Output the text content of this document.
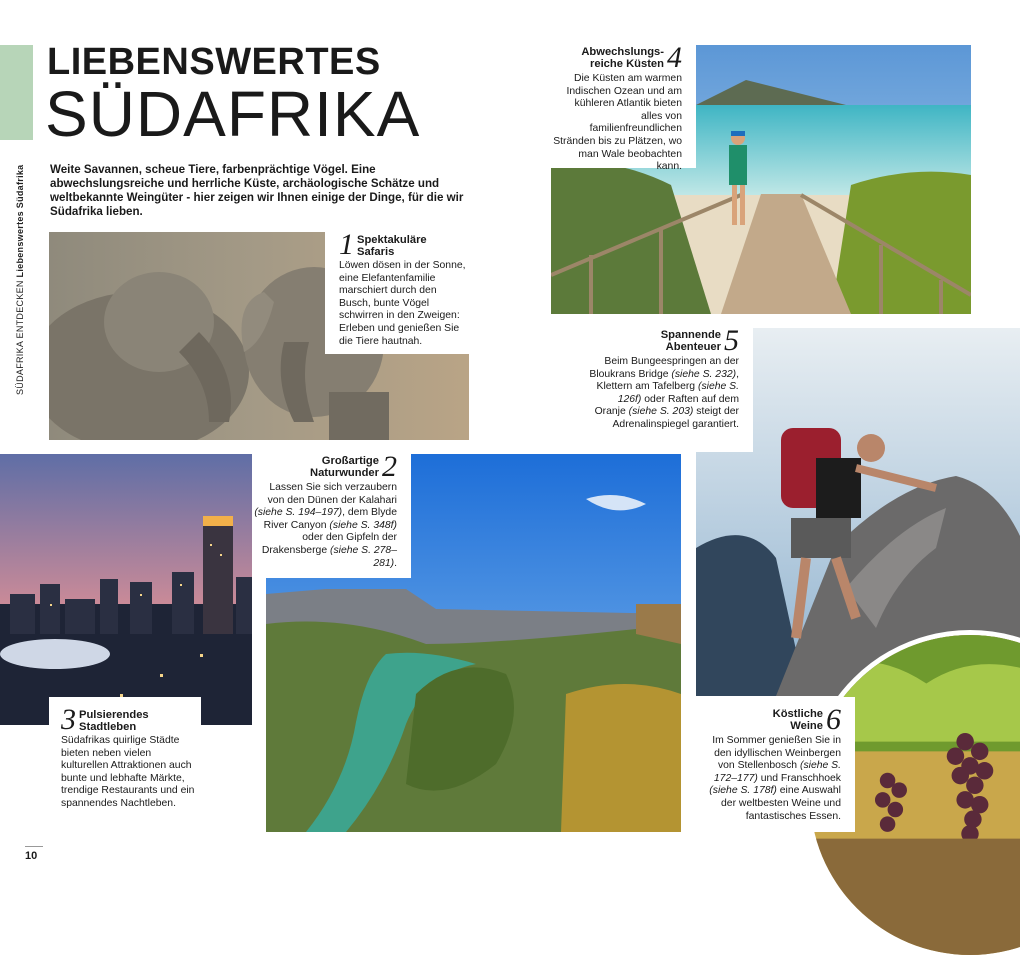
SÜDAFRIKA ENTDECKEN Liebenswertes Südafrika
LIEBENSWERTES
SÜDAFRIKA
Weite Savannen, scheue Tiere, farbenprächtige Vögel. Eine abwechslungsreiche und herrliche Küste, archäologische Schätze und weltbekannte Weingüter - hier zeigen wir Ihnen einige der Dinge, für die wir Südafrika lieben.
1 Spektakuläre
Safaris
Löwen dösen in der Sonne, eine Elefantenfamilie marschiert durch den Busch, bunte Vögel schwirren in den Zweigen: Erleben und genießen Sie die Tiere hautnah.
Abwechslungs-
reiche Küsten 4
Die Küsten am warmen Indischen Ozean und am kühleren Atlantik bieten alles von familienfreundlichen Stränden bis zu Plätzen, wo man Wale beobachten kann.
3 Pulsierendes
Stadtleben
Südafrikas quirlige Städte bieten neben vielen kulturellen Attraktionen auch bunte und lebhafte Märkte, trendige Restaurants und ein spannendes Nachtleben.
Großartige
Naturwunder 2
Lassen Sie sich verzaubern von den Dünen der Kalahari (siehe S. 194–197), dem Blyde River Canyon (siehe S. 348f) oder den Gipfeln der Drakensberge (siehe S. 278–281).
Spannende
Abenteuer 5
Beim Bungeespringen an der Bloukrans Bridge (siehe S. 232), Klettern am Tafelberg (siehe S. 126f) oder Raften auf dem Oranje (siehe S. 203) steigt der Adrenalinspiegel garantiert.
Köstliche
Weine 6
Im Sommer genießen Sie in den idyllischen Weinbergen von Stellenbosch (siehe S. 172–177) und Franschhoek (siehe S. 178f) eine Auswahl der weltbesten Weine und fantastisches Essen.
10
